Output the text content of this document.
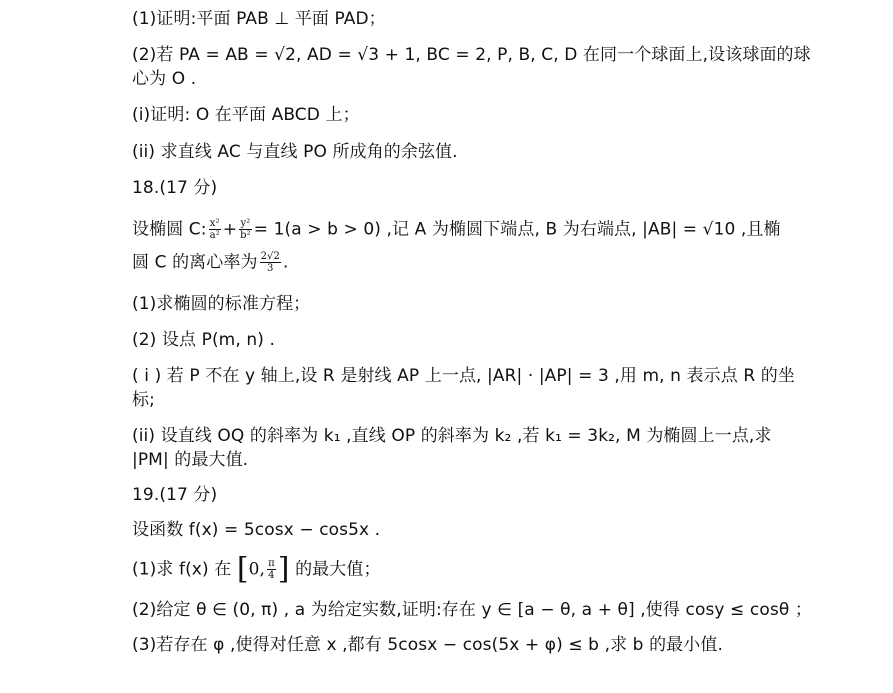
(1)证明:平面 PAB ⊥ 平面 PAD；
(2)若 PA = AB = √2, AD = √3 + 1, BC = 2, P, B, C, D 在同一个球面上,设该球面的球
心为 O .
(i)证明: O 在平面 ABCD 上；
(ii) 求直线 AC 与直线 PO 所成角的余弦值.
18.(17 分)
设椭圆 C: $\frac{\text{x²}}{\text{a²}} + \frac{\text{y²}}{\text{b²}} = 1(a > b > 0)$ ,记 A 为椭圆下端点, B 为右端点, |AB| = √10 ,且椭
圆 C 的离心率为 $\frac{2√2}{3}$ .
(1)求椭圆的标准方程；
(2) 设点 P(m, n) .
( i ) 若 P 不在 y 轴上,设 R 是射线 AP 上一点, |AR| · |AP| = 3 ,用 m, n 表示点 R 的坐
标;
(ii) 设直线 OQ 的斜率为 k₁ ,直线 OP 的斜率为 k₂ ,若 k₁ = 3k₂, M 为椭圆上一点,求
|PM| 的最大值.
19.(17 分)
设函数 f(x) = 5cosx − cos5x .
(1)求 f(x) 在 [0, $\frac{\pi}{4}$ ] 的最大值；
(2)给定 θ ∈ (0, π) , a 为给定实数,证明:存在 y ∈ [a − θ, a + θ] ,使得 cosy ≤ cosθ ；
(3)若存在 φ ,使得对任意 x ,都有 5cosx − cos(5x + φ) ≤ b ,求 b 的最小值.
